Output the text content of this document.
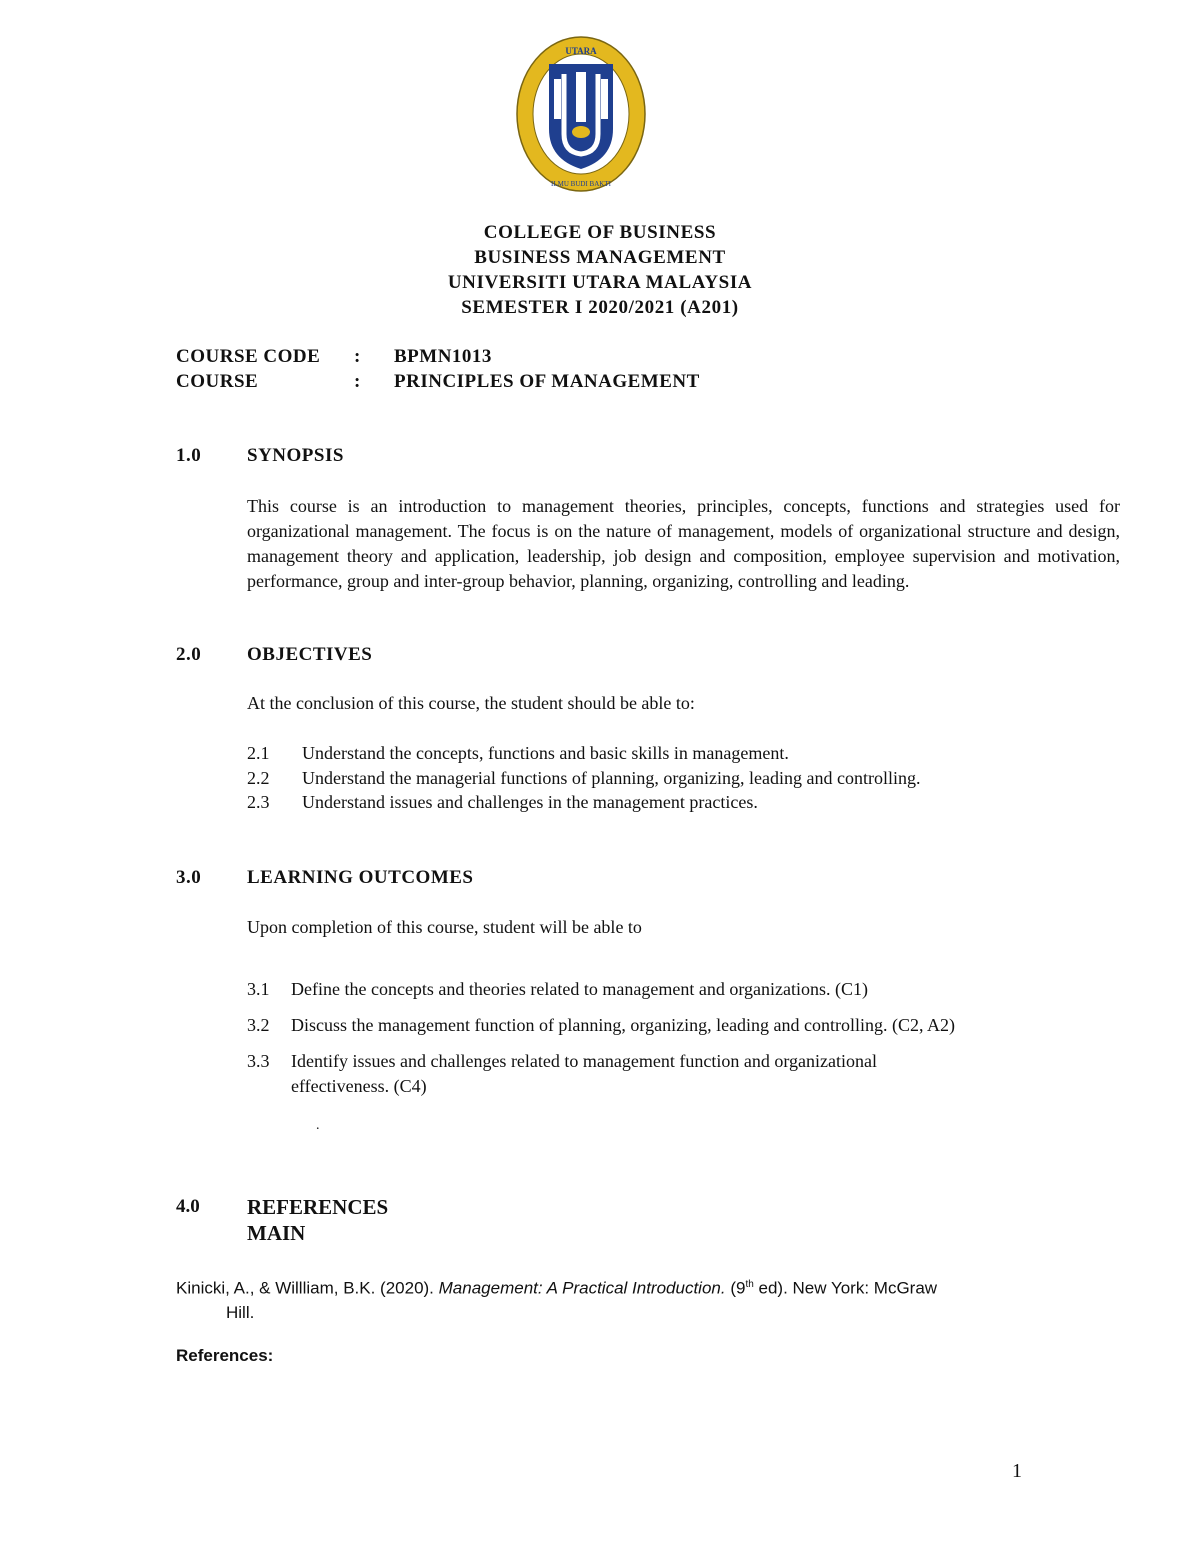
UTARA
ILMU BUDI BAKTI
COLLEGE OF BUSINESS
BUSINESS MANAGEMENT
UNIVERSITI UTARA MALAYSIA
SEMESTER I 2020/2021 (A201)
COURSE CODE : BPMN1013
COURSE	: PRINCIPLES OF MANAGEMENT
1.0 SYNOPSIS
This course is an introduction to management theories, principles, concepts, functions and strategies used for organizational management. The focus is on the nature of management, models of organizational structure and design, management theory and application, leadership, job design and composition, employee supervision and motivation, performance, group and inter-group behavior, planning, organizing, controlling and leading.
2.0 OBJECTIVES
At the conclusion of this course, the student should be able to:
2.1 Understand the concepts, functions and basic skills in management.
2.2 Understand the managerial functions of planning, organizing, leading and controlling.
2.3 Understand issues and challenges in the management practices.
3.0 LEARNING OUTCOMES
Upon completion of this course, student will be able to
3.1 Define the concepts and theories related to management and organizations. (C1)
3.2 Discuss the management function of planning, organizing, leading and controlling. (C2, A2)
3.3 Identify issues and challenges related to management function and organizational
effectiveness. (C4)
.
4.0 REFERENCES
MAIN
Kinicki, A., & Willliam, B.K. (2020). Management: A Practical Introduction. (9th ed). New York: McGraw
Hill.
References:
1
